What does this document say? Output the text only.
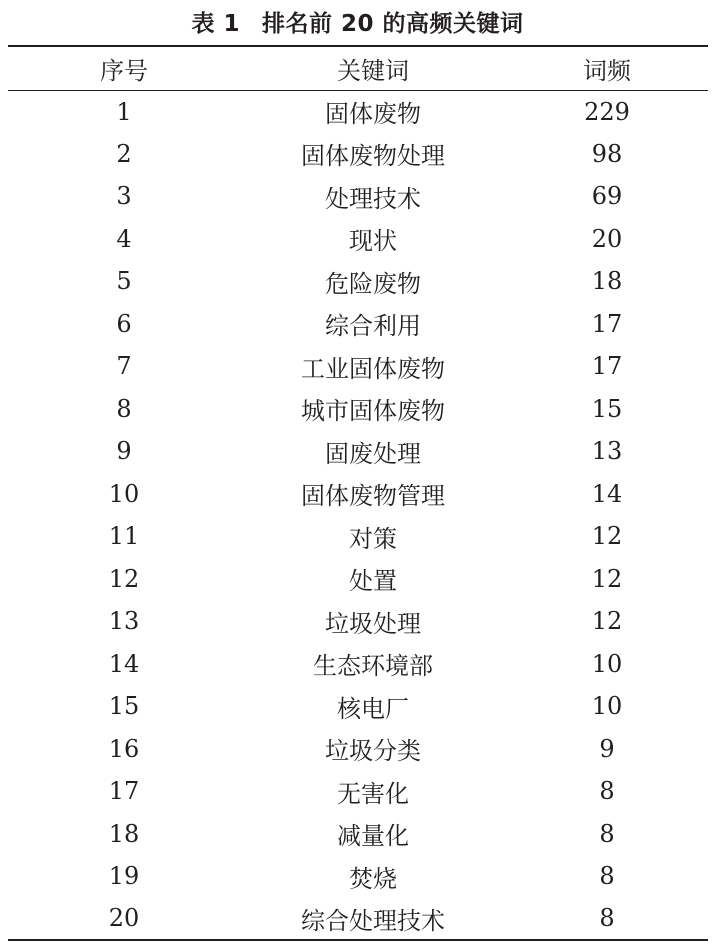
表 1 排名前 20 的高频关键词
序号	关键词	词频
1	固体废物	229
2	固体废物处理	98
3	处理技术	69
4	现状	20
5	危险废物	18
6	综合利用	17
7	工业固体废物	17
8	城市固体废物	15
9	固废处理	13
10	固体废物管理	14
11	对策	12
12	处置	12
13	垃圾处理	12
14	生态环境部	10
15	核电厂	10
16	垃圾分类	9
17	无害化	8
18	减量化	8
19	焚烧	8
20	综合处理技术	8
